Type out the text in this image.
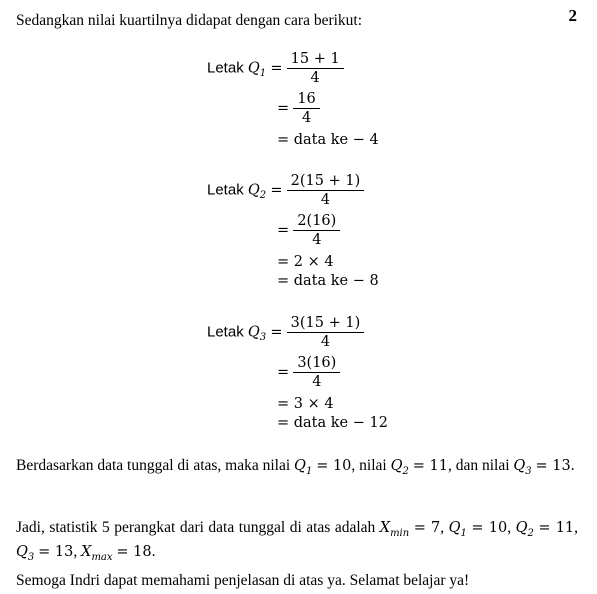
2
Sedangkan nilai kuartilnya didapat dengan cara berikut:
Letak $Q_1 = \frac{15 + 1}{4}$
= $\frac{16}{4}$
= data ke − 4
Letak $Q_2 = \frac{2(15 + 1)}{4}$
= $\frac{2(16)}{4}$
= 2 × 4
= data ke − 8
Letak $Q_3 = \frac{3(15 + 1)}{4}$
= $\frac{3(16)}{4}$
= 3 × 4
= data ke − 12
Berdasarkan data tunggal di atas, maka nilai $Q_1 = 10$, nilai $Q_2 = 11$, dan nilai $Q_3 = 13$.
Jadi, statistik 5 perangkat dari data tunggal di atas adalah $X_{min} = 7$, $Q_1 = 10$, $Q_2 = 11$, $Q_3 = 13$, $X_{max} = 18$.
Semoga Indri dapat memahami penjelasan di atas ya. Selamat belajar ya!
